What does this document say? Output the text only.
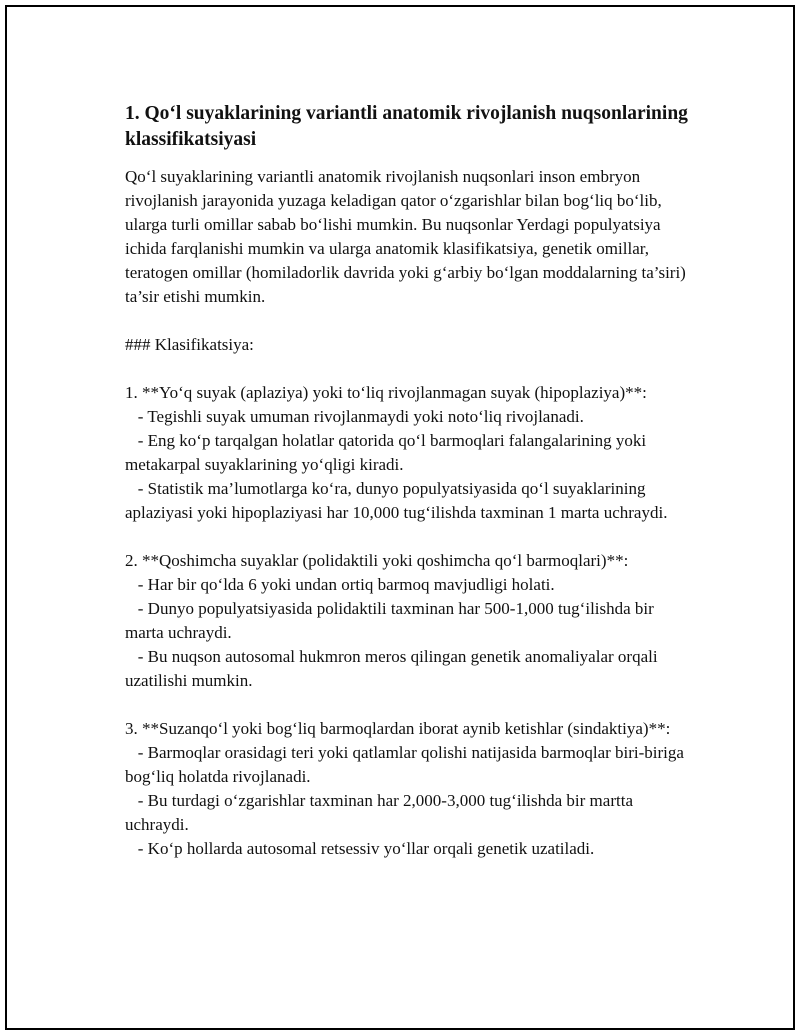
1. Qo‘l suyaklarining variantli anatomik rivojlanish nuqsonlarining klassifikatsiyasi

Qo‘l suyaklarining variantli anatomik rivojlanish nuqsonlari inson embryon rivojlanish jarayonida yuzaga keladigan qator o‘zgarishlar bilan bog‘liq bo‘lib, ularga turli omillar sabab bo‘lishi mumkin. Bu nuqsonlar Yerdagi populyatsiya ichida farqlanishi mumkin va ularga anatomik klasifikatsiya, genetik omillar, teratogen omillar (homiladorlik davrida yoki g‘arbiy bo‘lgan moddalarning ta’siri) ta’sir etishi mumkin.

### Klasifikatsiya:

1. **Yo‘q suyak (aplaziya) yoki to‘liq rivojlanmagan suyak (hipoplaziya)**:

- Tegishli suyak umuman rivojlanmaydi yoki noto‘liq rivojlanadi.

- Eng ko‘p tarqalgan holatlar qatorida qo‘l barmoqlari falangalarining yoki metakarpal suyaklarining yo‘qligi kiradi.

- Statistik ma’lumotlarga ko‘ra, dunyo populyatsiyasida qo‘l suyaklarining aplaziyasi yoki hipoplaziyasi har 10,000 tug‘ilishda taxminan 1 marta uchraydi.

2. **Qoshimcha suyaklar (polidaktili yoki qoshimcha qo‘l barmoqlari)**:

- Har bir qo‘lda 6 yoki undan ortiq barmoq mavjudligi holati.

- Dunyo populyatsiyasida polidaktili taxminan har 500-1,000 tug‘ilishda bir marta uchraydi.

- Bu nuqson autosomal hukmron meros qilingan genetik anomaliyalar orqali uzatilishi mumkin.

3. **Suzanqo‘l yoki bog‘liq barmoqlardan iborat aynib ketishlar (sindaktiya)**:

- Barmoqlar orasidagi teri yoki qatlamlar qolishi natijasida barmoqlar biri-biriga bog‘liq holatda rivojlanadi.

- Bu turdagi o‘zgarishlar taxminan har 2,000-3,000 tug‘ilishda bir martta uchraydi.

- Ko‘p hollarda autosomal retsessiv yo‘llar orqali genetik uzatiladi.
